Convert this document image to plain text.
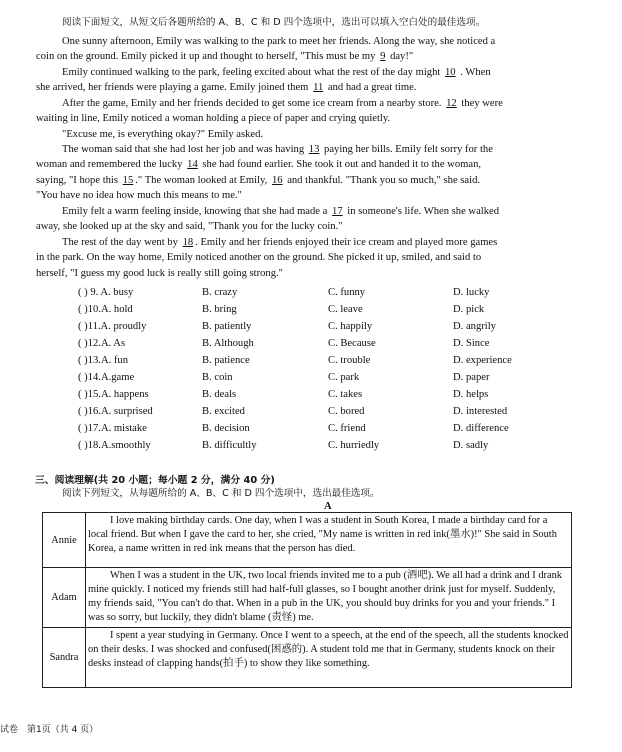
阅读下面短文，从短文后各题所给的 A、B、C 和 D 四个选项中，选出可以填入空白处的最佳选项。
One sunny afternoon, Emily was walking to the park to meet her friends. Along the way, she noticed a
coin on the ground. Emily picked it up and thought to herself, "This must be my 9 day!"
Emily continued walking to the park, feeling excited about what the rest of the day might 10 . When
she arrived, her friends were playing a game. Emily joined them 11 and had a great time.
After the game, Emily and her friends decided to get some ice cream from a nearby store. 12 they were
waiting in line, Emily noticed a woman holding a piece of paper and crying quietly.
"Excuse me, is everything okay?" Emily asked.
The woman said that she had lost her job and was having 13 paying her bills. Emily felt sorry for the
woman and remembered the lucky 14 she had found earlier. She took it out and handed it to the woman,
saying, "I hope this 15 ." The woman looked at Emily, 16 and thankful. "Thank you so much," she said.
"You have no idea how much this means to me."
Emily felt a warm feeling inside, knowing that she had made a 17 in someone's life. When she walked
away, she looked up at the sky and said, "Thank you for the lucky coin."
The rest of the day went by 18 . Emily and her friends enjoyed their ice cream and played more games
in the park. On the way home, Emily noticed another on the ground. She picked it up, smiled, and said to
herself, "I guess my good luck is really still going strong."
( ) 9. A. busy	B. crazy	C. funny	D. lucky
( )10.A. hold	B. bring	C. leave	D. pick
( )11.A. proudly	B. patiently	C. happily	D. angrily
( )12.A. As	B. Although	C. Because	D. Since
( )13.A. fun	B. patience	C. trouble	D. experience
( )14.A.game	B. coin	C. park	D. paper
( )15.A. happens	B. deals	C. takes	D. helps
( )16.A. surprised	B. excited	C. bored	D. interested
( )17.A. mistake	B. decision	C. friend	D. difference
( )18.A.smoothly	B. difficultly	C. hurriedly	D. sadly
三、阅读理解(共 20 小题；每小题 2 分，满分 40 分)
阅读下列短文，从每题所给的 A、B、C 和 D 四个选项中，选出最佳选项。
A
Annie
I love making birthday cards. One day, when I was a student in South Korea, I made a birthday card for a local friend. But when I gave the card to her, she cried, "My name is written in red ink(墨水)!" She said in South Korea, a name written in red ink means that the person has died.
Adam
When I was a student in the UK, two local friends invited me to a pub (酒吧). We all had a drink and I drank mine quickly. I noticed my friends still had half-full glasses, so I bought another drink just for myself. Suddenly, my friends said, "You can't do that. When in a pub in the UK, you should buy drinks for you and your friends." I was so sorry, but luckily, they didn't blame (责怪) me.
Sandra
I spent a year studying in Germany. Once I went to a speech, at the end of the speech, all the students knocked on their desks. I was shocked and confused(困惑的). A student told me that in Germany, students knock on their desks instead of clapping hands(拍手) to show they like something.
试卷　第1页（共 4 页）
